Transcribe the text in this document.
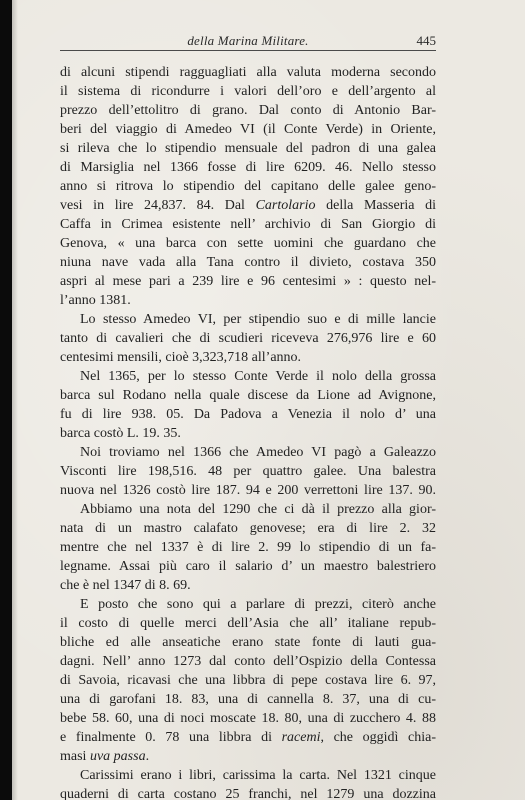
della Marina Militare.	445
di alcuni stipendi ragguagliati alla valuta moderna secondo
il sistema di ricondurre i valori dell’oro e dell’argento al
prezzo dell’ettolitro di grano. Dal conto di Antonio Bar-
beri del viaggio di Amedeo VI (il Conte Verde) in Oriente,
si rileva che lo stipendio mensuale del padron di una galea
di Marsiglia nel 1366 fosse di lire 6209. 46. Nello stesso
anno si ritrova lo stipendio del capitano delle galee geno-
vesi in lire 24,837. 84. Dal Cartolario della Masseria di
Caffa in Crimea esistente nell’ archivio di San Giorgio di
Genova, « una barca con sette uomini che guardano che
niuna nave vada alla Tana contro il divieto, costava 350
aspri al mese pari a 239 lire e 96 centesimi » : questo nel-
l’anno 1381.
Lo stesso Amedeo VI, per stipendio suo e di mille lancie
tanto di cavalieri che di scudieri riceveva 276,976 lire e 60
centesimi mensili, cioè 3,323,718 all’anno.
Nel 1365, per lo stesso Conte Verde il nolo della grossa
barca sul Rodano nella quale discese da Lione ad Avignone,
fu di lire 938. 05. Da Padova a Venezia il nolo d’ una
barca costò L. 19. 35.
Noi troviamo nel 1366 che Amedeo VI pagò a Galeazzo
Visconti lire 198,516. 48 per quattro galee. Una balestra
nuova nel 1326 costò lire 187. 94 e 200 verrettoni lire 137. 90.
Abbiamo una nota del 1290 che ci dà il prezzo alla gior-
nata di un mastro calafato genovese; era di lire 2. 32
mentre che nel 1337 è di lire 2. 99 lo stipendio di un fa-
legname. Assai più caro il salario d’ un maestro balestriero
che è nel 1347 di 8. 69.
E posto che sono qui a parlare di prezzi, citerò anche
il costo di quelle merci dell’Asia che all’ italiane repub-
bliche ed alle anseatiche erano state fonte di lauti gua-
dagni. Nell’ anno 1273 dal conto dell’Ospizio della Contessa
di Savoia, ricavasi che una libbra di pepe costava lire 6. 97,
una di garofani 18. 83, una di cannella 8. 37, una di cu-
bebe 58. 60, una di noci moscate 18. 80, una di zucchero 4. 88
e finalmente 0. 78 una libbra di racemi, che oggidì chia-
masi uva passa.
Carissimi erano i libri, carissima la carta. Nel 1321 cinque
quaderni di carta costano 25 franchi, nel 1279 una dozzina
